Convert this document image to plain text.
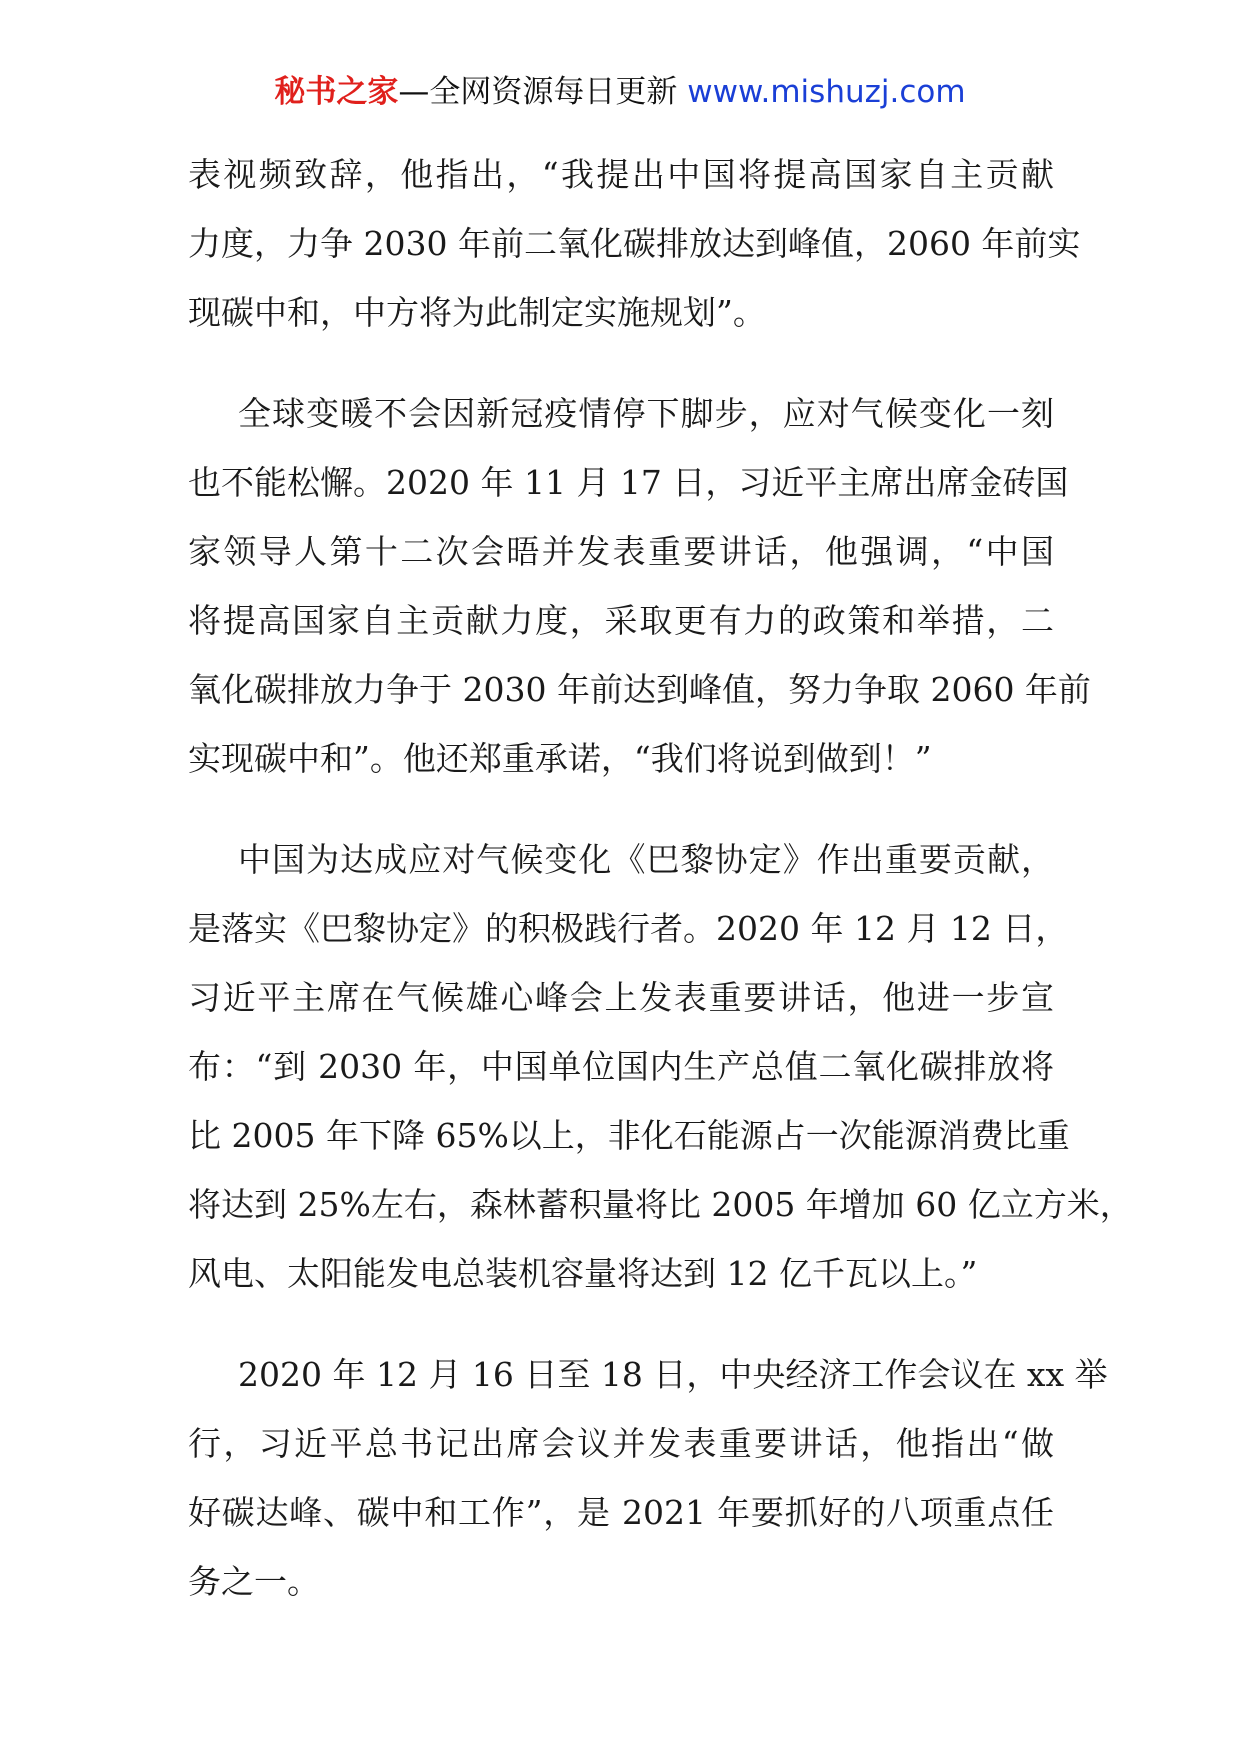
秘书之家—全网资源每日更新 www.mishuzj.com
表视频致辞，他指出，“我提出中国将提高国家自主贡献
力度，力争 2030 年前二氧化碳排放达到峰值，2060 年前实
现碳中和，中方将为此制定实施规划”。
全球变暖不会因新冠疫情停下脚步，应对气候变化一刻
也不能松懈。2020 年 11 月 17 日，习近平主席出席金砖国
家领导人第十二次会晤并发表重要讲话，他强调，“中国
将提高国家自主贡献力度，采取更有力的政策和举措，二
氧化碳排放力争于 2030 年前达到峰值，努力争取 2060 年前
实现碳中和”。他还郑重承诺，“我们将说到做到！”
中国为达成应对气候变化《巴黎协定》作出重要贡献，
是落实《巴黎协定》的积极践行者。2020 年 12 月 12 日，
习近平主席在气候雄心峰会上发表重要讲话，他进一步宣
布：“到 2030 年，中国单位国内生产总值二氧化碳排放将
比 2005 年下降 65%以上，非化石能源占一次能源消费比重
将达到 25%左右，森林蓄积量将比 2005 年增加 60 亿立方米，
风电、太阳能发电总装机容量将达到 12 亿千瓦以上。”
2020 年 12 月 16 日至 18 日，中央经济工作会议在 xx 举
行，习近平总书记出席会议并发表重要讲话，他指出“做
好碳达峰、碳中和工作”，是 2021 年要抓好的八项重点任
务之一。
